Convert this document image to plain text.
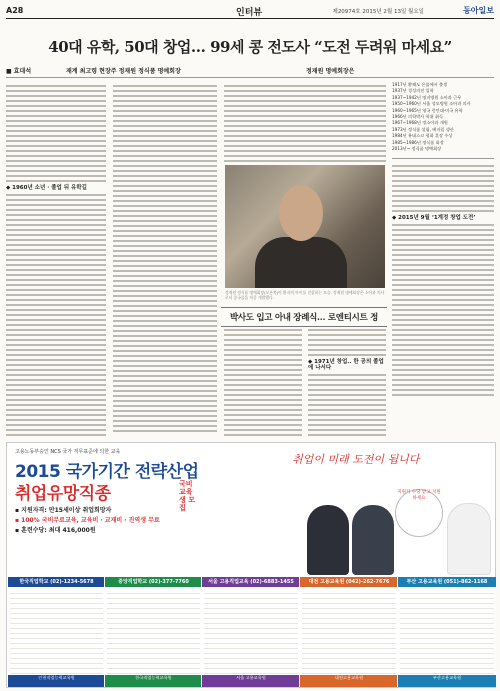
A28	인터뷰	제20974호 2015년 2월 13일 월요일	동아일보
40대 유학, 50대 창업… 99세 콩 전도사 “도전 두려워 마세요”
■ 효대석	재계 최고령 현장주 정재원 정식품 명예회장	정재원 명예회장은
◆ 1960년 소년 · 졸업 뒤 유학길
정재원 정식품 명예회장(오른쪽)이 환자의 아이를 진찰하는 모습. 정재원 명예회장은 소아과 의사로서 콩국물을 처음 개발했다.
박사도 입고 아내 장례식… 로엔티시트 정
◆ 1971년 창업.. 한 공의 졸업에 나서다
1917년 황해도 은률에서 출생
1937년 경성의전 입학
1937~1942년 명지병원 소아과 근무
1950~1960년 서울 성모병원 소아과 의사
1960~1965년 영국 런던대·미국 유학
1966년 의학박사 학위 취득
1967~1968년 정소아과 개원
1973년 정식품 설립, 베지밀 생산
1984년 유네스코 평화 훈장 수상
1985~1986년 정식품 회장
2013년~ 정식품 명예회장
◆ 2015년 9월 ‘1계정 창업 도전’
고용노동부승인 NCS 국가 직무표준에 의한 교육
2015 국가기간 전략산업
취업유망직종	국비교육생 모집
▪ 지원자격: 만15세이상 취업희망자
▪ 100% 국비무료교육, 교육비 · 교재비 · 진역생 무료
▪ 훈련수당: 최대 416,000원
취업이 미래 도전이 됩니다
지원자 수당 받고 지원하세요
한국직업학교 (02)-1234-5678
인천직업능력교육원
중앙직업학교 (02)-377-7760
한국직업능력교육원
서울 고용직업교육 (02)-6883-1455
서울 고용교육원
대전 고용교육원 (042)-262-7676
대전고용교육원
부산 고용교육원 (051)-862-1168
부산고용교육원
